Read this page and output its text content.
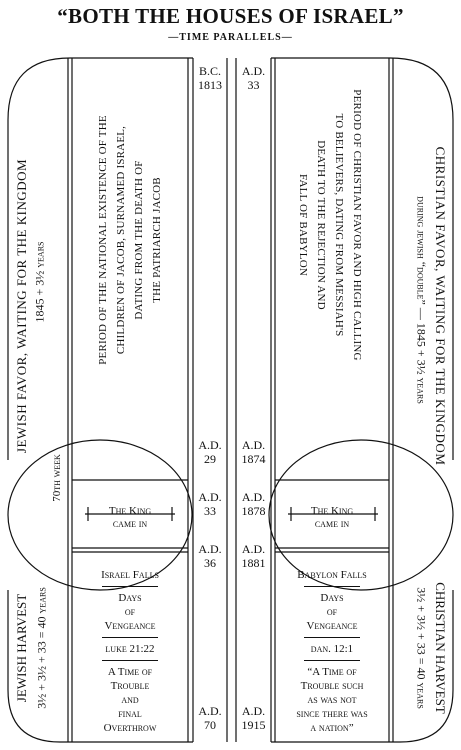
“BOTH THE HOUSES OF ISRAEL”
—TIME PARALLELS—
JEWISH FAVOR, WAITING FOR THE KINGDOM 1845 + 3½ years
70th week
JEWISH HARVEST 3½ + 3½ + 33 = 40 years
CHRISTIAN FAVOR, WAITING FOR THE KINGDOM
during jewish “double” — 1845 + 3½ years
CHRISTIAN HARVEST
3½ + 3½ + 33 = 40 years
PERIOD OF THE NATIONAL EXISTENCE OF THE CHILDREN OF JACOB, SURNAMED ISRAEL, DATING FROM THE DEATH OF THE PATRIARCH JACOB	PERIOD OF CHRISTIAN FAVOR AND HIGH CALLING
TO BELIEVERS, DATING FROM MESSIAH'S
DEATH TO THE REJECTION AND
FALL OF BABYLON
B.C.
1813
A.D.
29
A.D.
33
A.D.
36
A.D.
70
A.D.
33
A.D.
1874
A.D.
1878
A.D.
1881
A.D.
1915
The King
came in
The King
came in
Israel Falls
Days
of
Vengeance
luke 21:22
A Time of
Trouble
and
final
Overthrow
Babylon Falls
Days
of
Vengeance
dan. 12:1
“A Time of
Trouble such
as was not
since there was
a nation”
